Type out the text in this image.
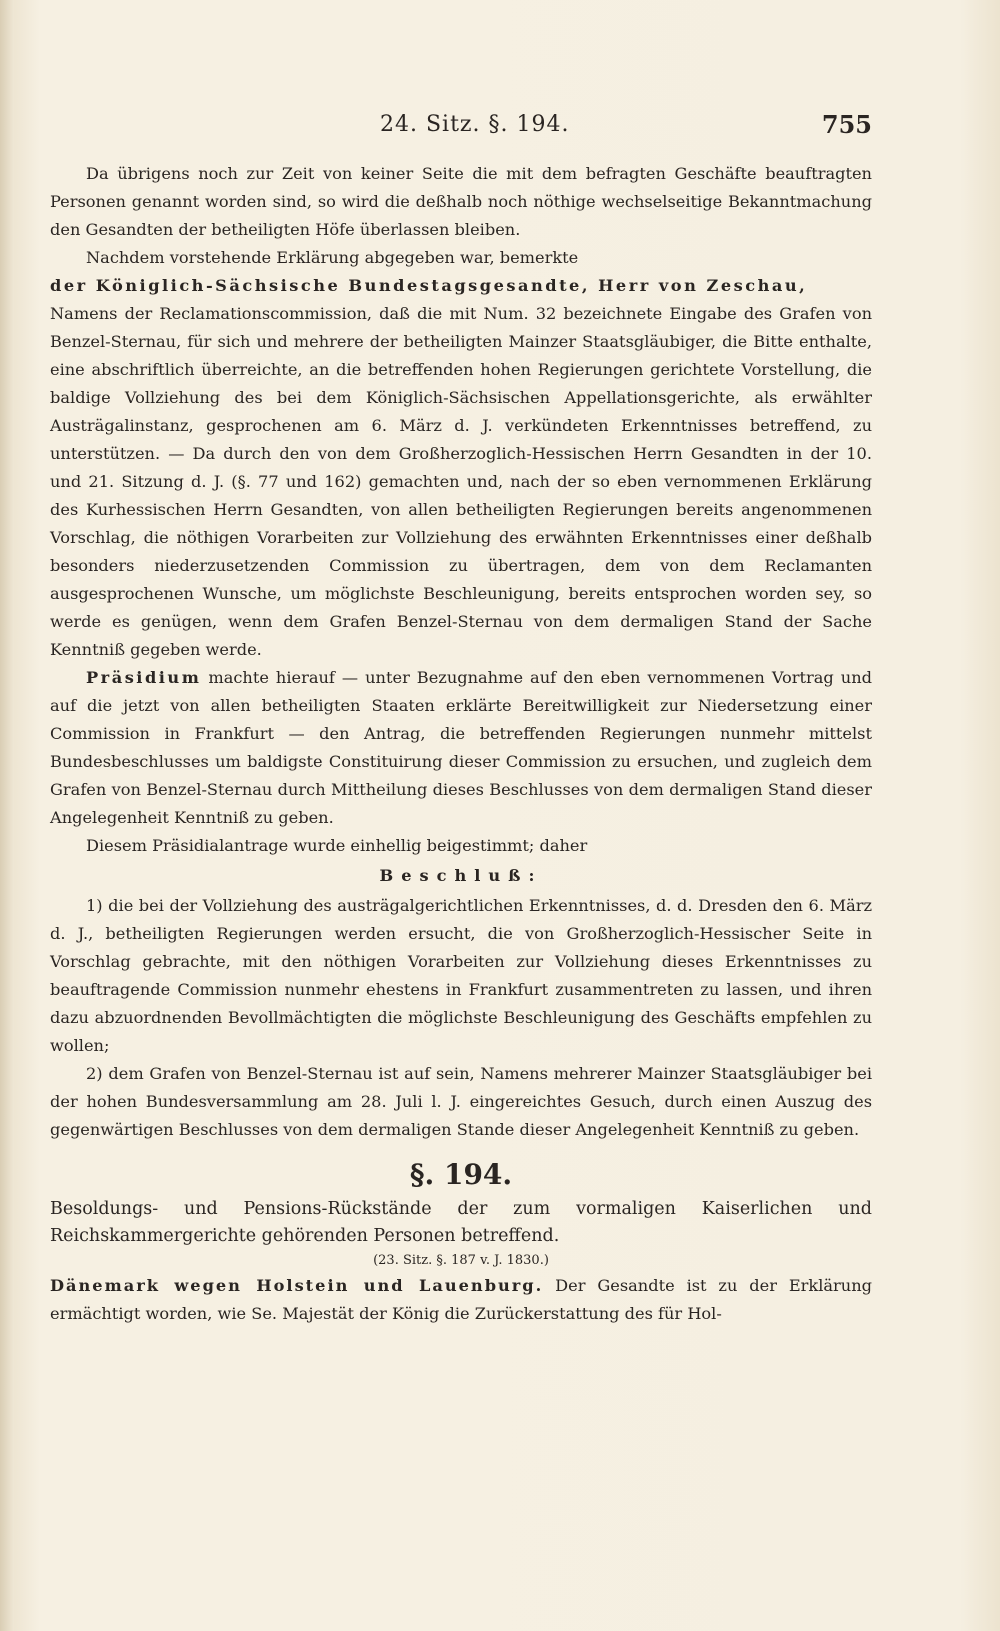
24. Sitz. §. 194.	755

Da übrigens noch zur Zeit von keiner Seite die mit dem befragten Geschäfte beauftragten Personen genannt worden sind, so wird die deßhalb noch nöthige wechselseitige Bekanntmachung den Gesandten der betheiligten Höfe überlassen bleiben.

Nachdem vorstehende Erklärung abgegeben war, bemerkte

der Königlich-Sächsische Bundestagsgesandte, Herr von Zeschau,

Namens der Reclamationscommission, daß die mit Num. 32 bezeichnete Eingabe des Grafen von Benzel-Sternau, für sich und mehrere der betheiligten Mainzer Staatsgläubiger, die Bitte enthalte, eine abschriftlich überreichte, an die betreffenden hohen Regierungen gerichtete Vorstellung, die baldige Vollziehung des bei dem Königlich-Sächsischen Appellationsgerichte, als erwählter Austrägalinstanz, gesprochenen am 6. März d. J. verkündeten Erkenntnisses betreffend, zu unterstützen. — Da durch den von dem Großherzoglich-Hessischen Herrn Gesandten in der 10. und 21. Sitzung d. J. (§. 77 und 162) gemachten und, nach der so eben vernommenen Erklärung des Kurhessischen Herrn Gesandten, von allen betheiligten Regierungen bereits angenommenen Vorschlag, die nöthigen Vorarbeiten zur Vollziehung des erwähnten Erkenntnisses einer deßhalb besonders niederzusetzenden Commission zu übertragen, dem von dem Reclamanten ausgesprochenen Wunsche, um möglichste Beschleunigung, bereits entsprochen worden sey, so werde es genügen, wenn dem Grafen Benzel-Sternau von dem dermaligen Stand der Sache Kenntniß gegeben werde.

Präsidium machte hierauf — unter Bezugnahme auf den eben vernommenen Vortrag und auf die jetzt von allen betheiligten Staaten erklärte Bereitwilligkeit zur Niedersetzung einer Commission in Frankfurt — den Antrag, die betreffenden Regierungen nunmehr mittelst Bundesbeschlusses um baldigste Constituirung dieser Commission zu ersuchen, und zugleich dem Grafen von Benzel-Sternau durch Mittheilung dieses Beschlusses von dem dermaligen Stand dieser Angelegenheit Kenntniß zu geben.

Diesem Präsidialantrage wurde einhellig beigestimmt; daher

Beschluß:

1) die bei der Vollziehung des austrägalgerichtlichen Erkenntnisses, d. d. Dresden den 6. März d. J., betheiligten Regierungen werden ersucht, die von Großherzoglich-Hessischer Seite in Vorschlag gebrachte, mit den nöthigen Vorarbeiten zur Vollziehung dieses Erkenntnisses zu beauftragende Commission nunmehr ehestens in Frankfurt zusammentreten zu lassen, und ihren dazu abzuordnenden Bevollmächtigten die möglichste Beschleunigung des Geschäfts empfehlen zu wollen;

2) dem Grafen von Benzel-Sternau ist auf sein, Namens mehrerer Mainzer Staatsgläubiger bei der hohen Bundesversammlung am 28. Juli l. J. eingereichtes Gesuch, durch einen Auszug des gegenwärtigen Beschlusses von dem dermaligen Stande dieser Angelegenheit Kenntniß zu geben.

§. 194.

Besoldungs- und Pensions-Rückstände der zum vormaligen Kaiserlichen und Reichskammergerichte gehörenden Personen betreffend.

(23. Sitz. §. 187 v. J. 1830.)

Dänemark wegen Holstein und Lauenburg. Der Gesandte ist zu der Erklärung ermächtigt worden, wie Se. Majestät der König die Zurückerstattung des für Hol-
